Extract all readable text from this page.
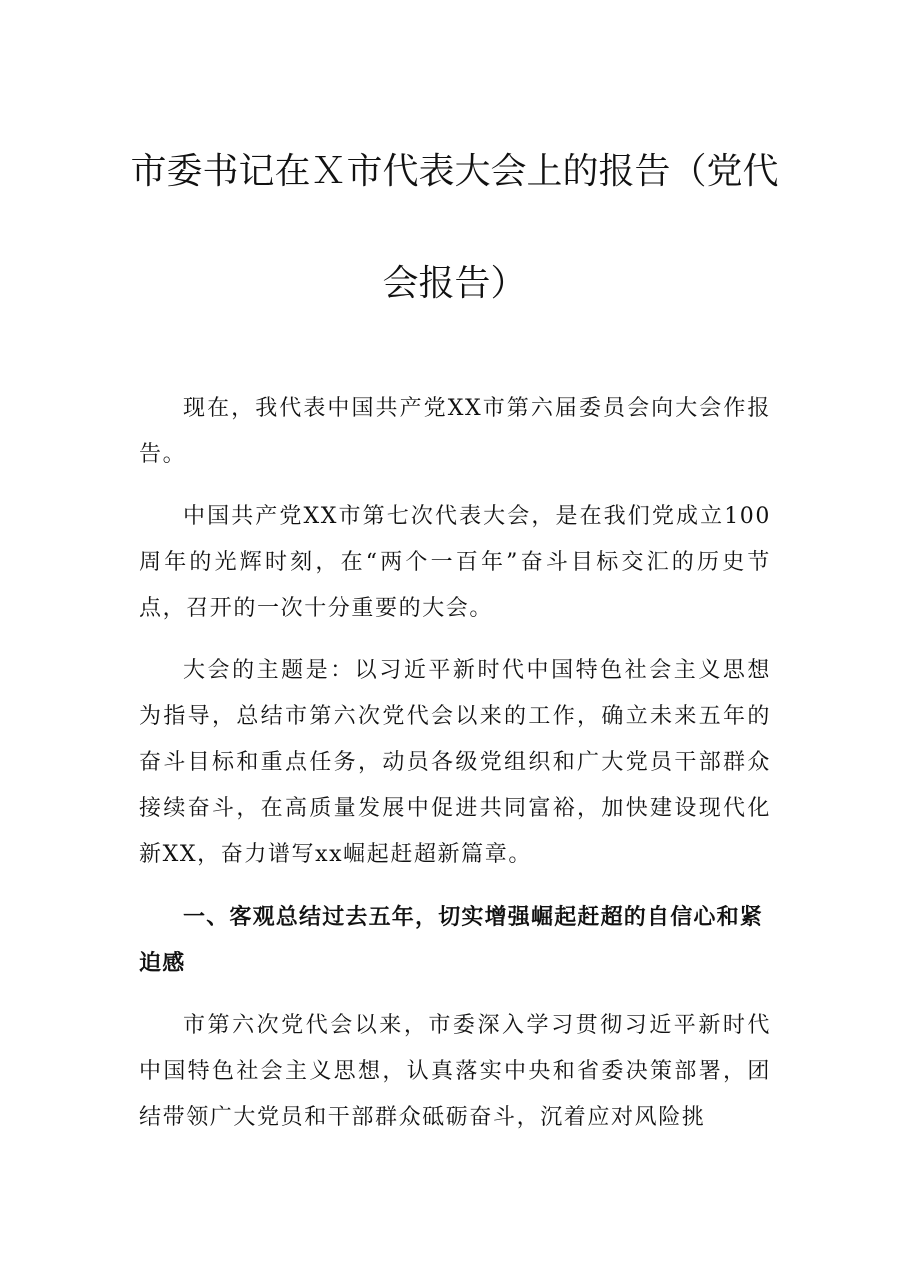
市委书记在Ｘ市代表大会上的报告（党代
会报告）

现在，我代表中国共产党XX市第六届委员会向大会作报告。

中国共产党XX市第七次代表大会，是在我们党成立100周年的光辉时刻，在“两个一百年”奋斗目标交汇的历史节点，召开的一次十分重要的大会。

大会的主题是：以习近平新时代中国特色社会主义思想为指导，总结市第六次党代会以来的工作，确立未来五年的奋斗目标和重点任务，动员各级党组织和广大党员干部群众接续奋斗，在高质量发展中促进共同富裕，加快建设现代化新XX，奋力谱写xx崛起赶超新篇章。

一、客观总结过去五年，切实增强崛起赶超的自信心和紧迫感

市第六次党代会以来，市委深入学习贯彻习近平新时代中国特色社会主义思想，认真落实中央和省委决策部署，团结带领广大党员和干部群众砥砺奋斗，沉着应对风险挑
